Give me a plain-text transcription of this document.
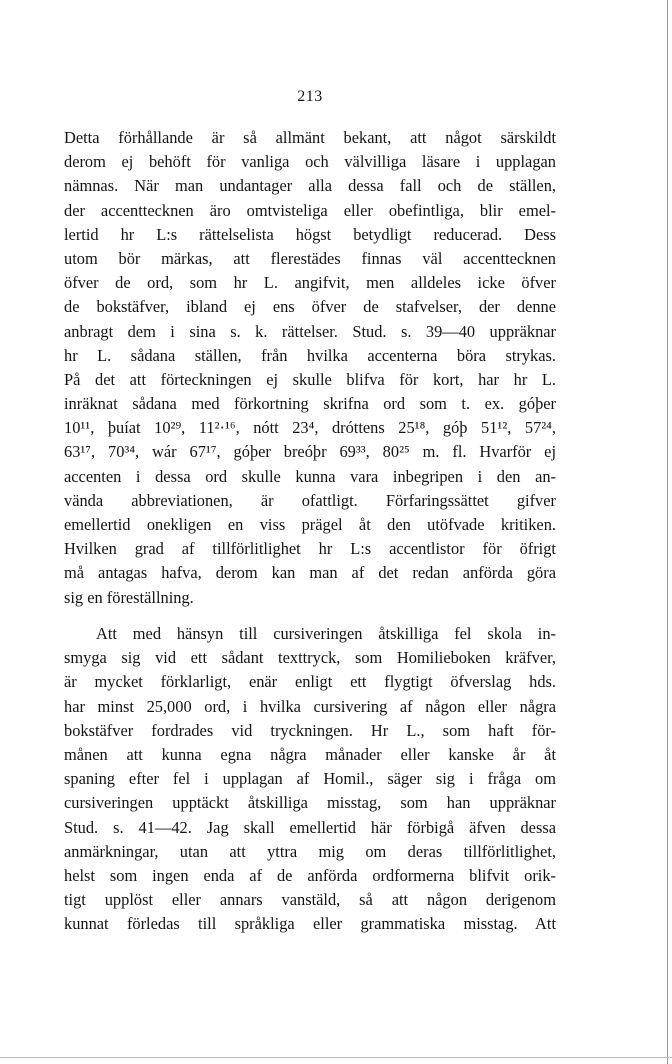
213
Detta förhållande är så allmänt bekant, att något särskildt
derom ej behöft för vanliga och välvilliga läsare i upplagan
nämnas. När man undantager alla dessa fall och de ställen,
der accenttecknen äro omtvisteliga eller obefintliga, blir emel-
lertid hr L:s rättelselista högst betydligt reducerad. Dess
utom bör märkas, att flerestädes finnas väl accenttecknen
öfver de ord, som hr L. angifvit, men alldeles icke öfver
de bokstäfver, ibland ej ens öfver de stafvelser, der denne
anbragt dem i sina s. k. rättelser. Stud. s. 39—40 uppräknar
hr L. sådana ställen, från hvilka accenterna böra strykas.
På det att förteckningen ej skulle blifva för kort, har hr L.
inräknat sådana med förkortning skrifna ord som t. ex. góþer
10¹¹, þuíat 10²⁹, 11²·¹⁶, nótt 23⁴, dróttens 25¹⁸, góþ 51¹², 57²⁴,
63¹⁷, 70³⁴, wár 67¹⁷, góþer breóþr 69³³, 80²⁵ m. fl. Hvarför ej
accenten i dessa ord skulle kunna vara inbegripen i den an-
vända abbreviationen, är ofattligt. Förfaringssättet gifver
emellertid onekligen en viss prägel åt den utöfvade kritiken.
Hvilken grad af tillförlitlighet hr L:s accentlistor för öfrigt
må antagas hafva, derom kan man af det redan anförda göra
sig en föreställning.
Att med hänsyn till cursiveringen åtskilliga fel skola in-
smyga sig vid ett sådant texttryck, som Homilieboken kräfver,
är mycket förklarligt, enär enligt ett flygtigt öfverslag hds.
har minst 25,000 ord, i hvilka cursivering af någon eller några
bokstäfver fordrades vid tryckningen. Hr L., som haft för-
månen att kunna egna några månader eller kanske år åt
spaning efter fel i upplagan af Homil., säger sig i fråga om
cursiveringen upptäckt åtskilliga misstag, som han uppräknar
Stud. s. 41—42. Jag skall emellertid här förbigå äfven dessa
anmärkningar, utan att yttra mig om deras tillförlitlighet,
helst som ingen enda af de anförda ordformerna blifvit orik-
tigt upplöst eller annars vanstäld, så att någon derigenom
kunnat förledas till språkliga eller grammatiska misstag. Att
